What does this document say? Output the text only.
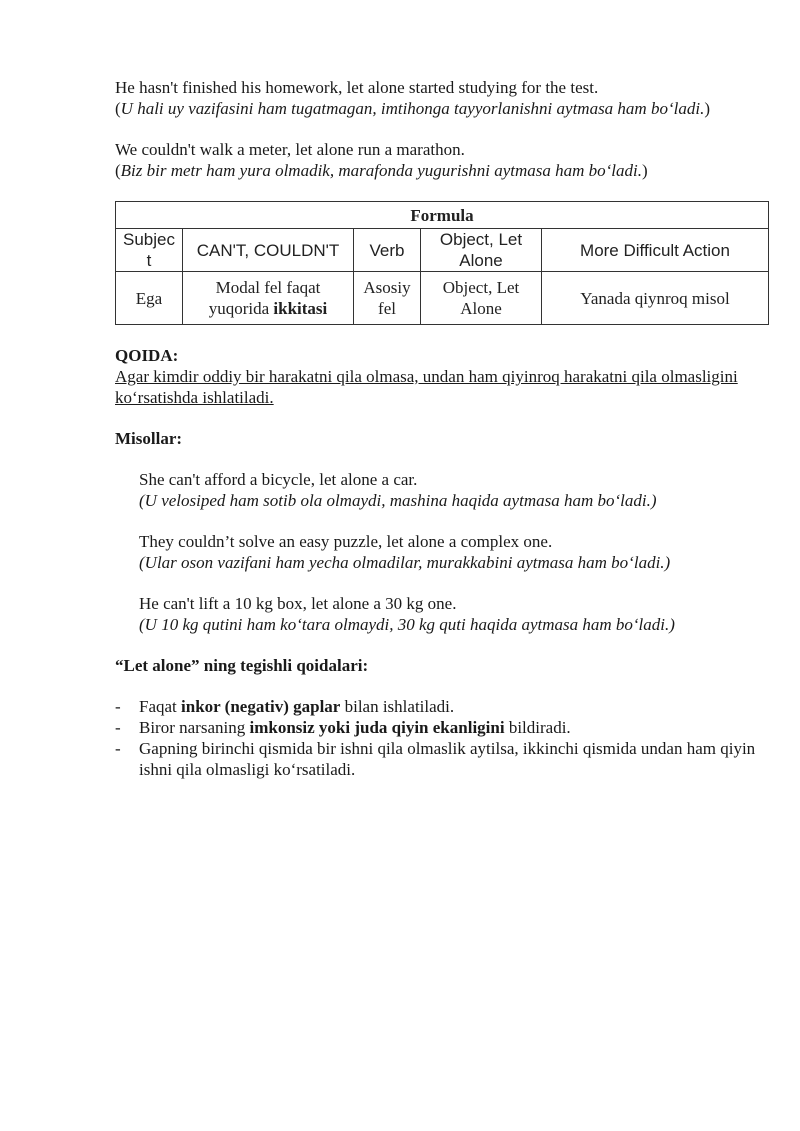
He hasn't finished his homework, let alone started studying for the test.

(U hali uy vazifasini ham tugatmagan, imtihonga tayyorlanishni aytmasa ham bo‘ladi.)

We couldn't walk a meter, let alone run a marathon.

(Biz bir metr ham yura olmadik, marafonda yugurishni aytmasa ham bo‘ladi.)

Formula				
Subjec t	CAN'T, COULDN'T	Verb	Object, Let Alone	More Difficult Action
Ega	Modal fel faqat yuqorida ikkitasi	Asosiy fel	Object, Let Alone	Yanada qiynroq misol

QOIDA:

Agar kimdir oddiy bir harakatni qila olmasa, undan ham qiyinroq harakatni qila olmasligini ko‘rsatishda ishlatiladi.

Misollar:

She can't afford a bicycle, let alone a car.

(U velosiped ham sotib ola olmaydi, mashina haqida aytmasa ham bo‘ladi.)

They couldn’t solve an easy puzzle, let alone a complex one.

(Ular oson vazifani ham yecha olmadilar, murakkabini aytmasa ham bo‘ladi.)

He can't lift a 10 kg box, let alone a 30 kg one.

(U 10 kg qutini ham ko‘tara olmaydi, 30 kg quti haqida aytmasa ham bo‘ladi.)

“Let alone” ning tegishli qoidalari:

- Faqat inkor (negativ) gaplar bilan ishlatiladi.
- Biror narsaning imkonsiz yoki juda qiyin ekanligini bildiradi.
- Gapning birinchi qismida bir ishni qila olmaslik aytilsa, ikkinchi qismida undan ham qiyin ishni qila olmasligi ko‘rsatiladi.
